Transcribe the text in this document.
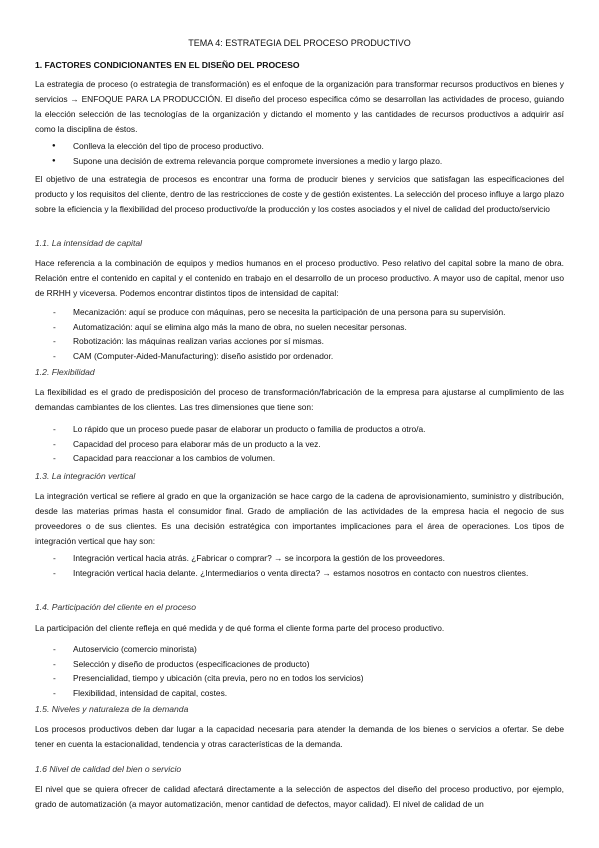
TEMA 4: ESTRATEGIA DEL PROCESO PRODUCTIVO
1. FACTORES CONDICIONANTES EN EL DISEÑO DEL PROCESO

La estrategia de proceso (o estrategia de transformación) es el enfoque de la organización para transformar recursos productivos en bienes y servicios → ENFOQUE PARA LA PRODUCCIÓN. El diseño del proceso especifica cómo se desarrollan las actividades de proceso, guiando la elección selección de las tecnologías de la organización y dictando el momento y las cantidades de recursos productivos a adquirir así como la disciplina de éstos.

● Conlleva la elección del tipo de proceso productivo.
● Supone una decisión de extrema relevancia porque compromete inversiones a medio y largo plazo.

El objetivo de una estrategia de procesos es encontrar una forma de producir bienes y servicios que satisfagan las especificaciones del producto y los requisitos del cliente, dentro de las restricciones de coste y de gestión existentes. La selección del proceso influye a largo plazo sobre la eficiencia y la flexibilidad del proceso productivo/de la producción y los costes asociados y el nivel de calidad del producto/servicio

1.1. La intensidad de capital

Hace referencia a la combinación de equipos y medios humanos en el proceso productivo. Peso relativo del capital sobre la mano de obra. Relación entre el contenido en capital y el contenido en trabajo en el desarrollo de un proceso productivo. A mayor uso de capital, menor uso de RRHH y viceversa. Podemos encontrar distintos tipos de intensidad de capital:

- Mecanización: aquí se produce con máquinas, pero se necesita la participación de una persona para su supervisión.
- Automatización: aquí se elimina algo más la mano de obra, no suelen necesitar personas.
- Robotización: las máquinas realizan varias acciones por sí mismas.
- CAM (Computer-Aided-Manufacturing): diseño asistido por ordenador.
1.2. Flexibilidad

La flexibilidad es el grado de predisposición del proceso de transformación/fabricación de la empresa para ajustarse al cumplimiento de las demandas cambiantes de los clientes. Las tres dimensiones que tiene son:

- Lo rápido que un proceso puede pasar de elaborar un producto o familia de productos a otro/a.
- Capacidad del proceso para elaborar más de un producto a la vez.
- Capacidad para reaccionar a los cambios de volumen.
1.3. La integración vertical

La integración vertical se refiere al grado en que la organización se hace cargo de la cadena de aprovisionamiento, suministro y distribución, desde las materias primas hasta el consumidor final. Grado de ampliación de las actividades de la empresa hacia el negocio de sus proveedores o de sus clientes. Es una decisión estratégica con importantes implicaciones para el área de operaciones. Los tipos de integración vertical que hay son:

- Integración vertical hacia atrás. ¿Fabricar o comprar? → se incorpora la gestión de los proveedores.
- Integración vertical hacia delante. ¿Intermediarios o venta directa? → estamos nosotros en contacto con nuestros clientes.
1.4. Participación del cliente en el proceso

La participación del cliente refleja en qué medida y de qué forma el cliente forma parte del proceso productivo.

- Autoservicio (comercio minorista)
- Selección y diseño de productos (especificaciones de producto)
- Presencialidad, tiempo y ubicación (cita previa, pero no en todos los servicios)
- Flexibilidad, intensidad de capital, costes.
1.5. Niveles y naturaleza de la demanda

Los procesos productivos deben dar lugar a la capacidad necesaria para atender la demanda de los bienes o servicios a ofertar. Se debe tener en cuenta la estacionalidad, tendencia y otras características de la demanda.

1.6 Nivel de calidad del bien o servicio

El nivel que se quiera ofrecer de calidad afectará directamente a la selección de aspectos del diseño del proceso productivo, por ejemplo, grado de automatización (a mayor automatización, menor cantidad de defectos, mayor calidad). El nivel de calidad de un
